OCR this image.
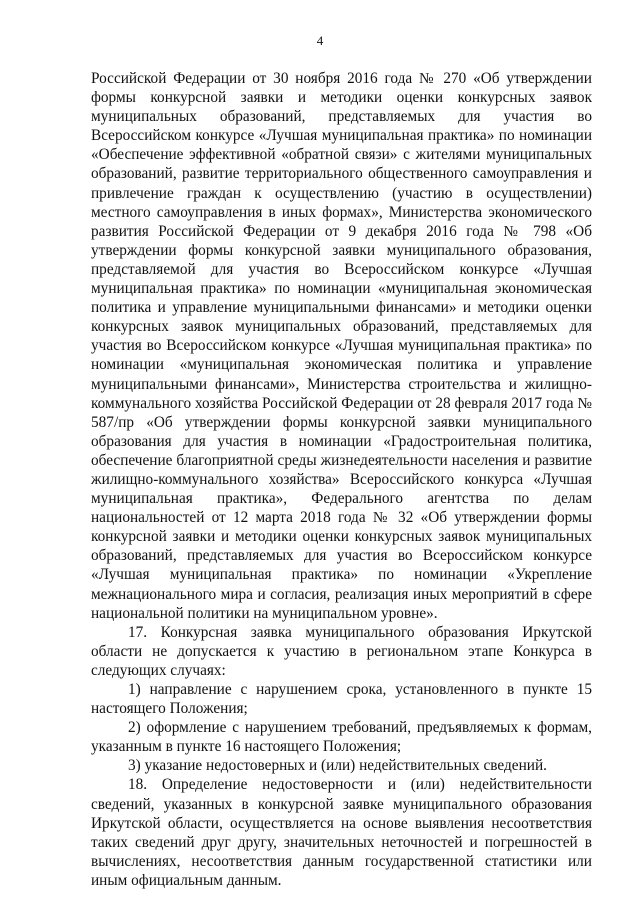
4

Российской Федерации от 30 ноября 2016 года № 270 «Об утверждении формы конкурсной заявки и методики оценки конкурсных заявок муниципальных образований, представляемых для участия во Всероссийском конкурсе «Лучшая муниципальная практика» по номинации «Обеспечение эффективной «обратной связи» с жителями муниципальных образований, развитие территориального общественного самоуправления и привлечение граждан к осуществлению (участию в осуществлении) местного самоуправления в иных формах», Министерства экономического развития Российской Федерации от 9 декабря 2016 года № 798 «Об утверждении формы конкурсной заявки муниципального образования, представляемой для участия во Всероссийском конкурсе «Лучшая муниципальная практика» по номинации «муниципальная экономическая политика и управление муниципальными финансами» и методики оценки конкурсных заявок муниципальных образований, представляемых для участия во Всероссийском конкурсе «Лучшая муниципальная практика» по номинации «муниципальная экономическая политика и управление муниципальными финансами», Министерства строительства и жилищно-коммунального хозяйства Российской Федерации от 28 февраля 2017 года № 587/пр «Об утверждении формы конкурсной заявки муниципального образования для участия в номинации «Градостроительная политика, обеспечение благоприятной среды жизнедеятельности населения и развитие жилищно-коммунального хозяйства» Всероссийского конкурса «Лучшая муниципальная практика», Федерального агентства по делам национальностей от 12 марта 2018 года № 32 «Об утверждении формы конкурсной заявки и методики оценки конкурсных заявок муниципальных образований, представляемых для участия во Всероссийском конкурсе «Лучшая муниципальная практика» по номинации «Укрепление межнационального мира и согласия, реализация иных мероприятий в сфере национальной политики на муниципальном уровне».

17. Конкурсная заявка муниципального образования Иркутской области не допускается к участию в региональном этапе Конкурса в следующих случаях:

1) направление с нарушением срока, установленного в пункте 15 настоящего Положения;

2) оформление с нарушением требований, предъявляемых к формам, указанным в пункте 16 настоящего Положения;

3) указание недостоверных и (или) недействительных сведений.

18. Определение недостоверности и (или) недействительности сведений, указанных в конкурсной заявке муниципального образования Иркутской области, осуществляется на основе выявления несоответствия таких сведений друг другу, значительных неточностей и погрешностей в вычислениях, несоответствия данным государственной статистики или иным официальным данным.
